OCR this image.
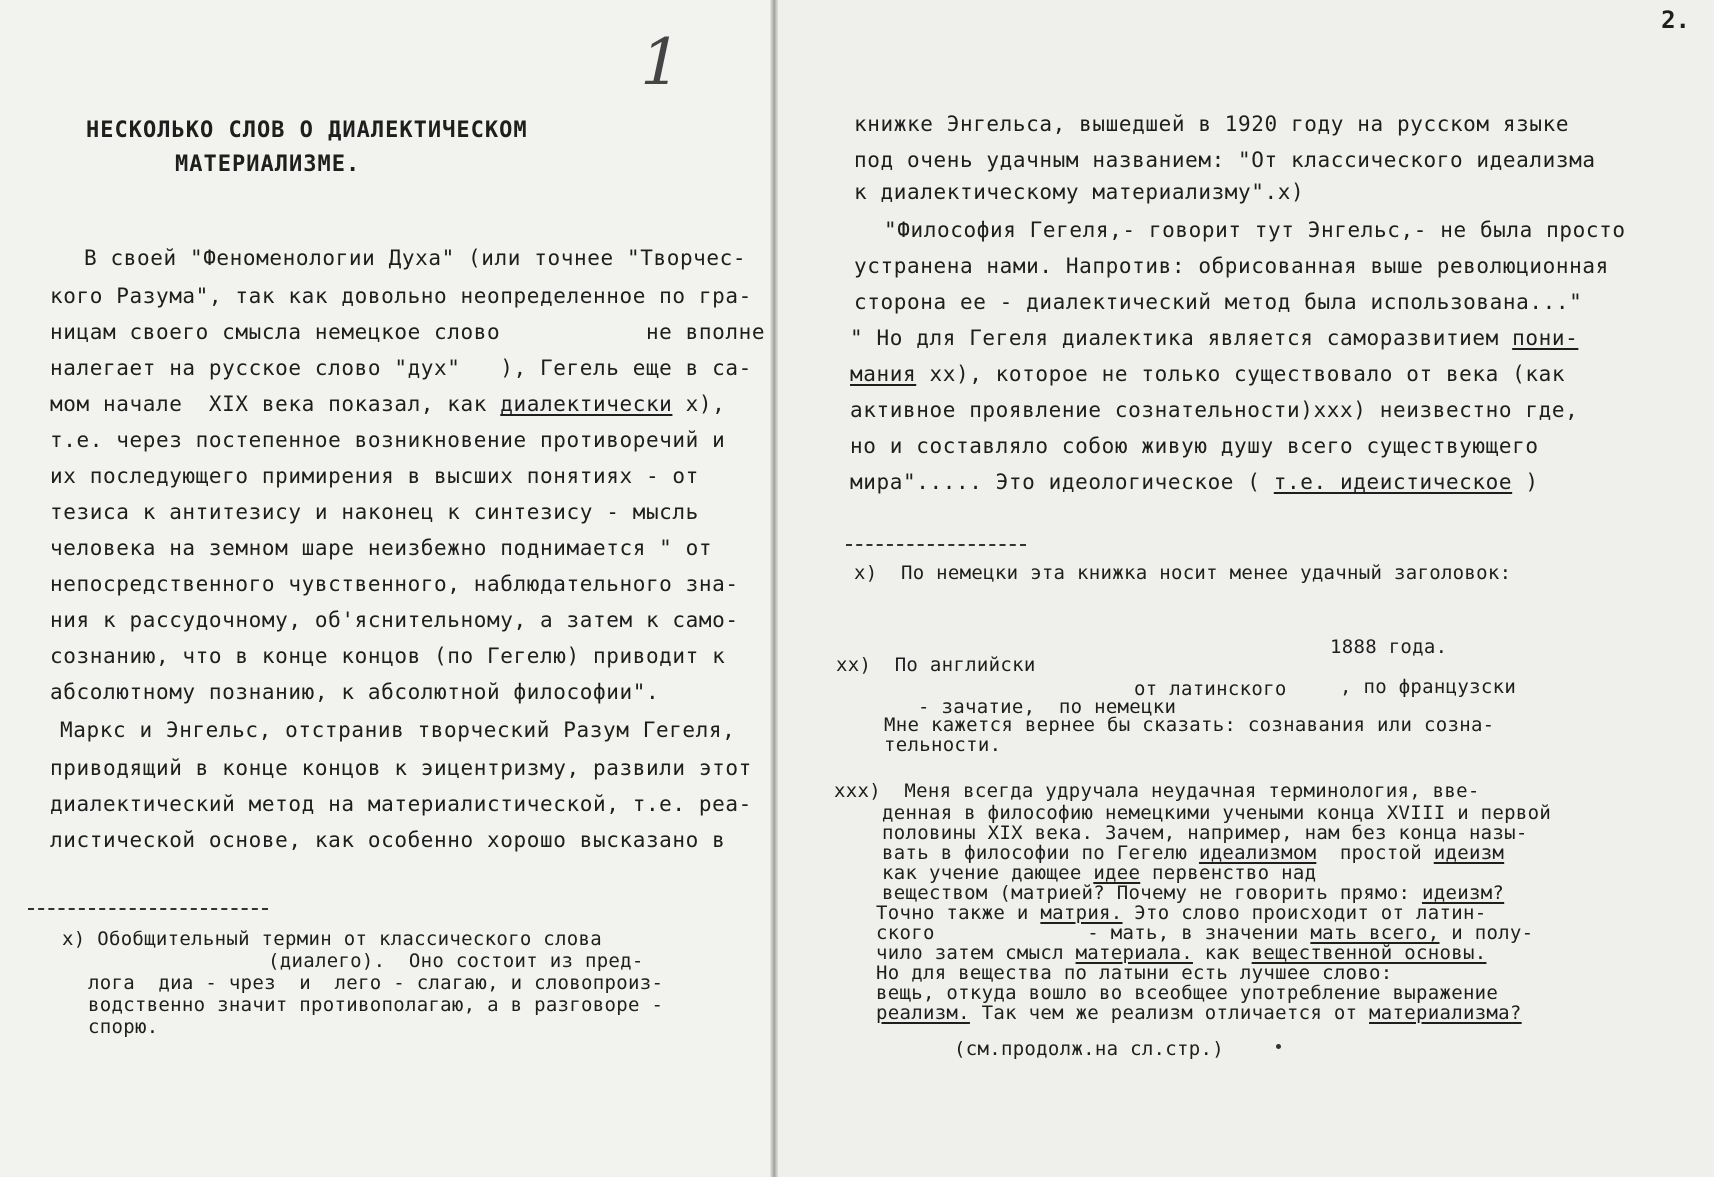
1
НЕСКОЛЬКО СЛОВ О ДИАЛЕКТИЧЕСКОМ
МАТЕРИАЛИЗМЕ.
В своей "Феноменологии Духа" (или точнее "Творчес-
кого Разума", так как довольно неопределенное по гра-
ницам своего смысла немецкое слово           не вполне
налегает на русское слово "дух"   ), Гегель еще в са-
мом начале  XIX века показал, как диалектически x),
т.е. через постепенное возникновение противоречий и
их последующего примирения в высших понятиях - от
тезиса к антитезису и наконец к синтезису - мысль
человека на земном шаре неизбежно поднимается " от
непосредственного чувственного, наблюдательного зна-
ния к рассудочному, об'яснительному, а затем к само-
сознанию, что в конце концов (по Гегелю) приводит к
абсолютному познанию, к абсолютной философии".
Маркс и Энгельс, отстранив творческий Разум Гегеля,
приводящий в конце концов к эицентризму, развили этот
диалектический метод на материалистической, т.е. реа-
листической основе, как особенно хорошо высказано в
x) Обобщительный термин от классического слова
(диалего).  Оно состоит из пред-
лога  диа - чрез  и  лего - слагаю, и словопроиз-
водственно значит противополагаю, а в разговоре -
спорю.
2.
книжке Энгельса, вышедшей в 1920 году на русском языке
под очень удачным названием: "От классического идеализма
к диалектическому материализму".x)
"Философия Гегеля,- говорит тут Энгельс,- не была просто
устранена нами. Напротив: обрисованная выше революционная
сторона ее - диалектический метод была использована..."
" Но для Гегеля диалектика является саморазвитием пони-
мания xx), которое не только существовало от века (как
активное проявление сознательности)xxx) неизвестно где,
но и составляло собою живую душу всего существующего
мира"..... Это идеологическое ( т.е. идеистическое )
x)  По немецки эта книжка носит менее удачный заголовок:
1888 года.
xx)  По английски
от латинского	, по французски
- зачатие,  по немецки
Мне кажется вернее бы сказать: сознавания или созна-
тельности.
xxx)  Меня всегда удручала неудачная терминология, вве-
денная в философию немецкими учеными конца XVIII и первой
половины XIX века. Зачем, например, нам без конца назы-
вать в философии по Гегелю идеализмом  простой идеизм
как учение дающее идее первенство над
веществом (матрией? Почему не говорить прямо: идеизм?
Точно также и матрия. Это слово происходит от латин-
ского             - мать, в значении мать всего, и полу-
чило затем смысл материала. как вещественной основы.
Но для вещества по латыни есть лучшее слово:
вещь, откуда вошло во всеобщее употребление выражение
реализм. Так чем же реализм отличается от материализма?
(см.продолж.на сл.стр.)
